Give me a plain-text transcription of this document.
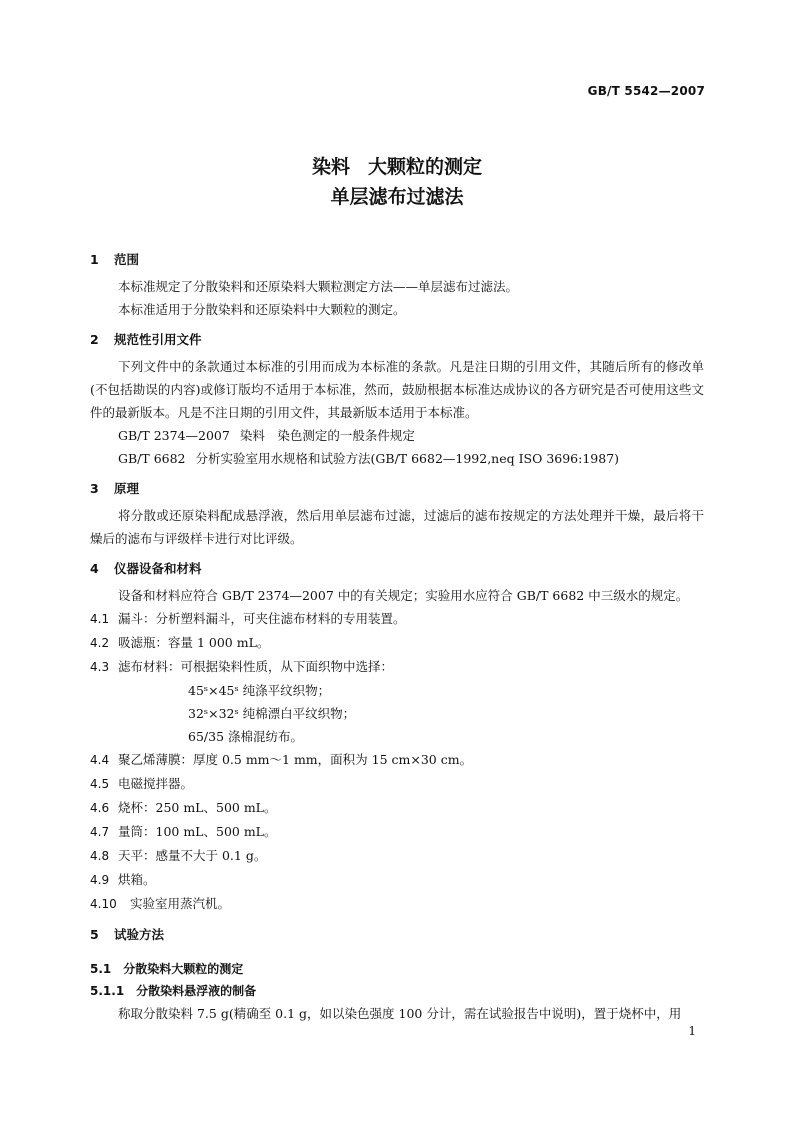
GB/T 5542—2007
染料 大颗粒的测定
单层滤布过滤法
1 范围

本标准规定了分散染料和还原染料大颗粒测定方法——单层滤布过滤法。

本标准适用于分散染料和还原染料中大颗粒的测定。

2 规范性引用文件

下列文件中的条款通过本标准的引用而成为本标准的条款。凡是注日期的引用文件，其随后所有的修改单(不包括勘误的内容)或修订版均不适用于本标准，然而，鼓励根据本标准达成协议的各方研究是否可使用这些文件的最新版本。凡是不注日期的引用文件，其最新版本适用于本标准。

GB/T 2374—2007 染料　染色测定的一般条件规定
GB/T 6682 分析实验室用水规格和试验方法(GB/T 6682—1992,neq ISO 3696:1987)
3 原理

将分散或还原染料配成悬浮液，然后用单层滤布过滤，过滤后的滤布按规定的方法处理并干燥，最后将干燥后的滤布与评级样卡进行对比评级。

4 仪器设备和材料

设备和材料应符合 GB/T 2374—2007 中的有关规定；实验用水应符合 GB/T 6682 中三级水的规定。

4.1 漏斗：分析塑料漏斗，可夹住滤布材料的专用装置。
4.2 吸滤瓶：容量 1 000 mL。
4.3 滤布材料：可根据染料性质，从下面织物中选择：
45ˢ×45ˢ 纯涤平纹织物；
32ˢ×32ˢ 纯棉漂白平纹织物；
65/35 涤棉混纺布。
4.4 聚乙烯薄膜：厚度 0.5 mm～1 mm，面积为 15 cm×30 cm。
4.5 电磁搅拌器。
4.6 烧杯：250 mL、500 mL。
4.7 量筒：100 mL、500 mL。
4.8 天平：感量不大于 0.1 g。
4.9 烘箱。
4.10 实验室用蒸汽机。
5 试验方法
5.1 分散染料大颗粒的测定
5.1.1 分散染料悬浮液的制备

称取分散染料 7.5 g(精确至 0.1 g，如以染色强度 100 分计，需在试验报告中说明)，置于烧杯中，用

1
